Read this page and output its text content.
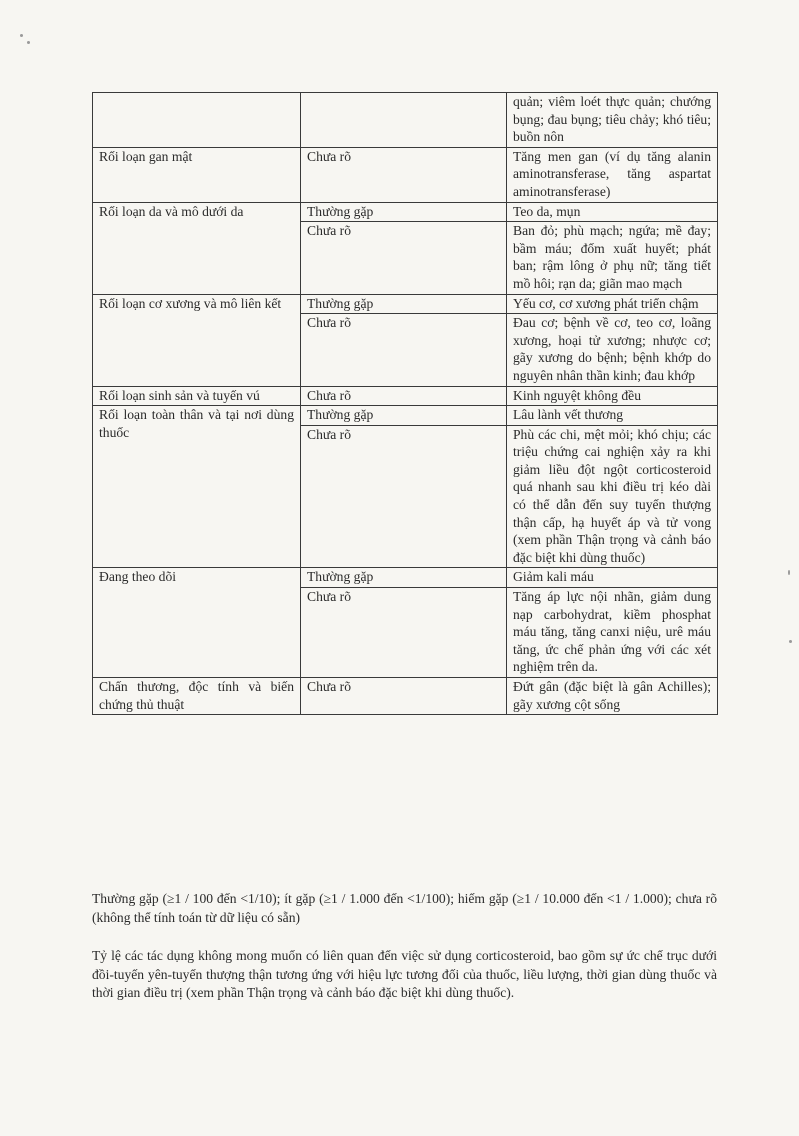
		quản; viêm loét thực quản; chướng bụng; đau bụng; tiêu chảy; khó tiêu; buồn nôn
Rối loạn gan mật	Chưa rõ	Tăng men gan (ví dụ tăng alanin aminotransferase, tăng aspartat aminotransferase)
Rối loạn da và mô dưới da	Thường gặp	Teo da, mụn
	Chưa rõ	Ban đỏ; phù mạch; ngứa; mề đay; bầm máu; đốm xuất huyết; phát ban; rậm lông ở phụ nữ; tăng tiết mồ hôi; rạn da; giãn mao mạch
Rối loạn cơ xương và mô liên kết	Thường gặp	Yếu cơ, cơ xương phát triển chậm
	Chưa rõ	Đau cơ; bệnh về cơ, teo cơ, loãng xương, hoại tử xương; nhược cơ; gãy xương do bệnh; bệnh khớp do nguyên nhân thần kinh; đau khớp
Rối loạn sinh sản và tuyến vú	Chưa rõ	Kinh nguyệt không đều
Rối loạn toàn thân và tại nơi dùng thuốc	Thường gặp	Lâu lành vết thương
	Chưa rõ	Phù các chi, mệt mỏi; khó chịu; các triệu chứng cai nghiện xảy ra khi giảm liều đột ngột corticosteroid quá nhanh sau khi điều trị kéo dài có thể dẫn đến suy tuyến thượng thận cấp, hạ huyết áp và tử vong (xem phần Thận trọng và cảnh báo đặc biệt khi dùng thuốc)
Đang theo dõi	Thường gặp	Giảm kali máu
	Chưa rõ	Tăng áp lực nội nhãn, giảm dung nạp carbohydrat, kiềm phosphat máu tăng, tăng canxi niệu, urê máu tăng, ức chế phản ứng với các xét nghiệm trên da.
Chấn thương, độc tính và biến chứng thủ thuật	Chưa rõ	Đứt gân (đặc biệt là gân Achilles); gãy xương cột sống

Thường gặp (≥1 / 100 đến <1/10); ít gặp (≥1 / 1.000 đến <1/100); hiếm gặp (≥1 / 10.000 đến <1 / 1.000); chưa rõ (không thể tính toán từ dữ liệu có sẵn)

Tỷ lệ các tác dụng không mong muốn có liên quan đến việc sử dụng corticosteroid, bao gồm sự ức chế trục dưới đồi-tuyến yên-tuyến thượng thận tương ứng với hiệu lực tương đối của thuốc, liều lượng, thời gian dùng thuốc và thời gian điều trị (xem phần Thận trọng và cảnh báo đặc biệt khi dùng thuốc).
